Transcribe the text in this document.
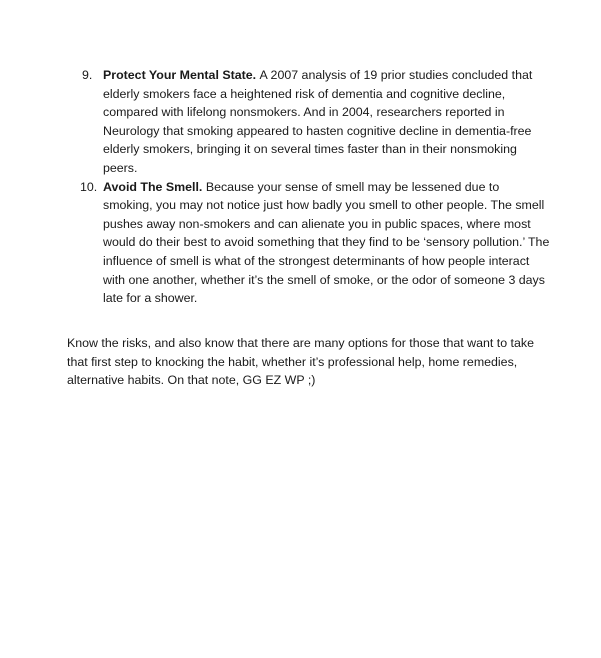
9. Protect Your Mental State. A 2007 analysis of 19 prior studies concluded that elderly smokers face a heightened risk of dementia and cognitive decline, compared with lifelong nonsmokers. And in 2004, researchers reported in Neurology that smoking appeared to hasten cognitive decline in dementia-free elderly smokers, bringing it on several times faster than in their nonsmoking peers.
10. Avoid The Smell. Because your sense of smell may be lessened due to smoking, you may not notice just how badly you smell to other people. The smell pushes away non-smokers and can alienate you in public spaces, where most would do their best to avoid something that they find to be ‘sensory pollution.’ The influence of smell is what of the strongest determinants of how people interact with one another, whether it’s the smell of smoke, or the odor of someone 3 days late for a shower.

Know the risks, and also know that there are many options for those that want to take that first step to knocking the habit, whether it’s professional help, home remedies, alternative habits. On that note, GG EZ WP ;)
